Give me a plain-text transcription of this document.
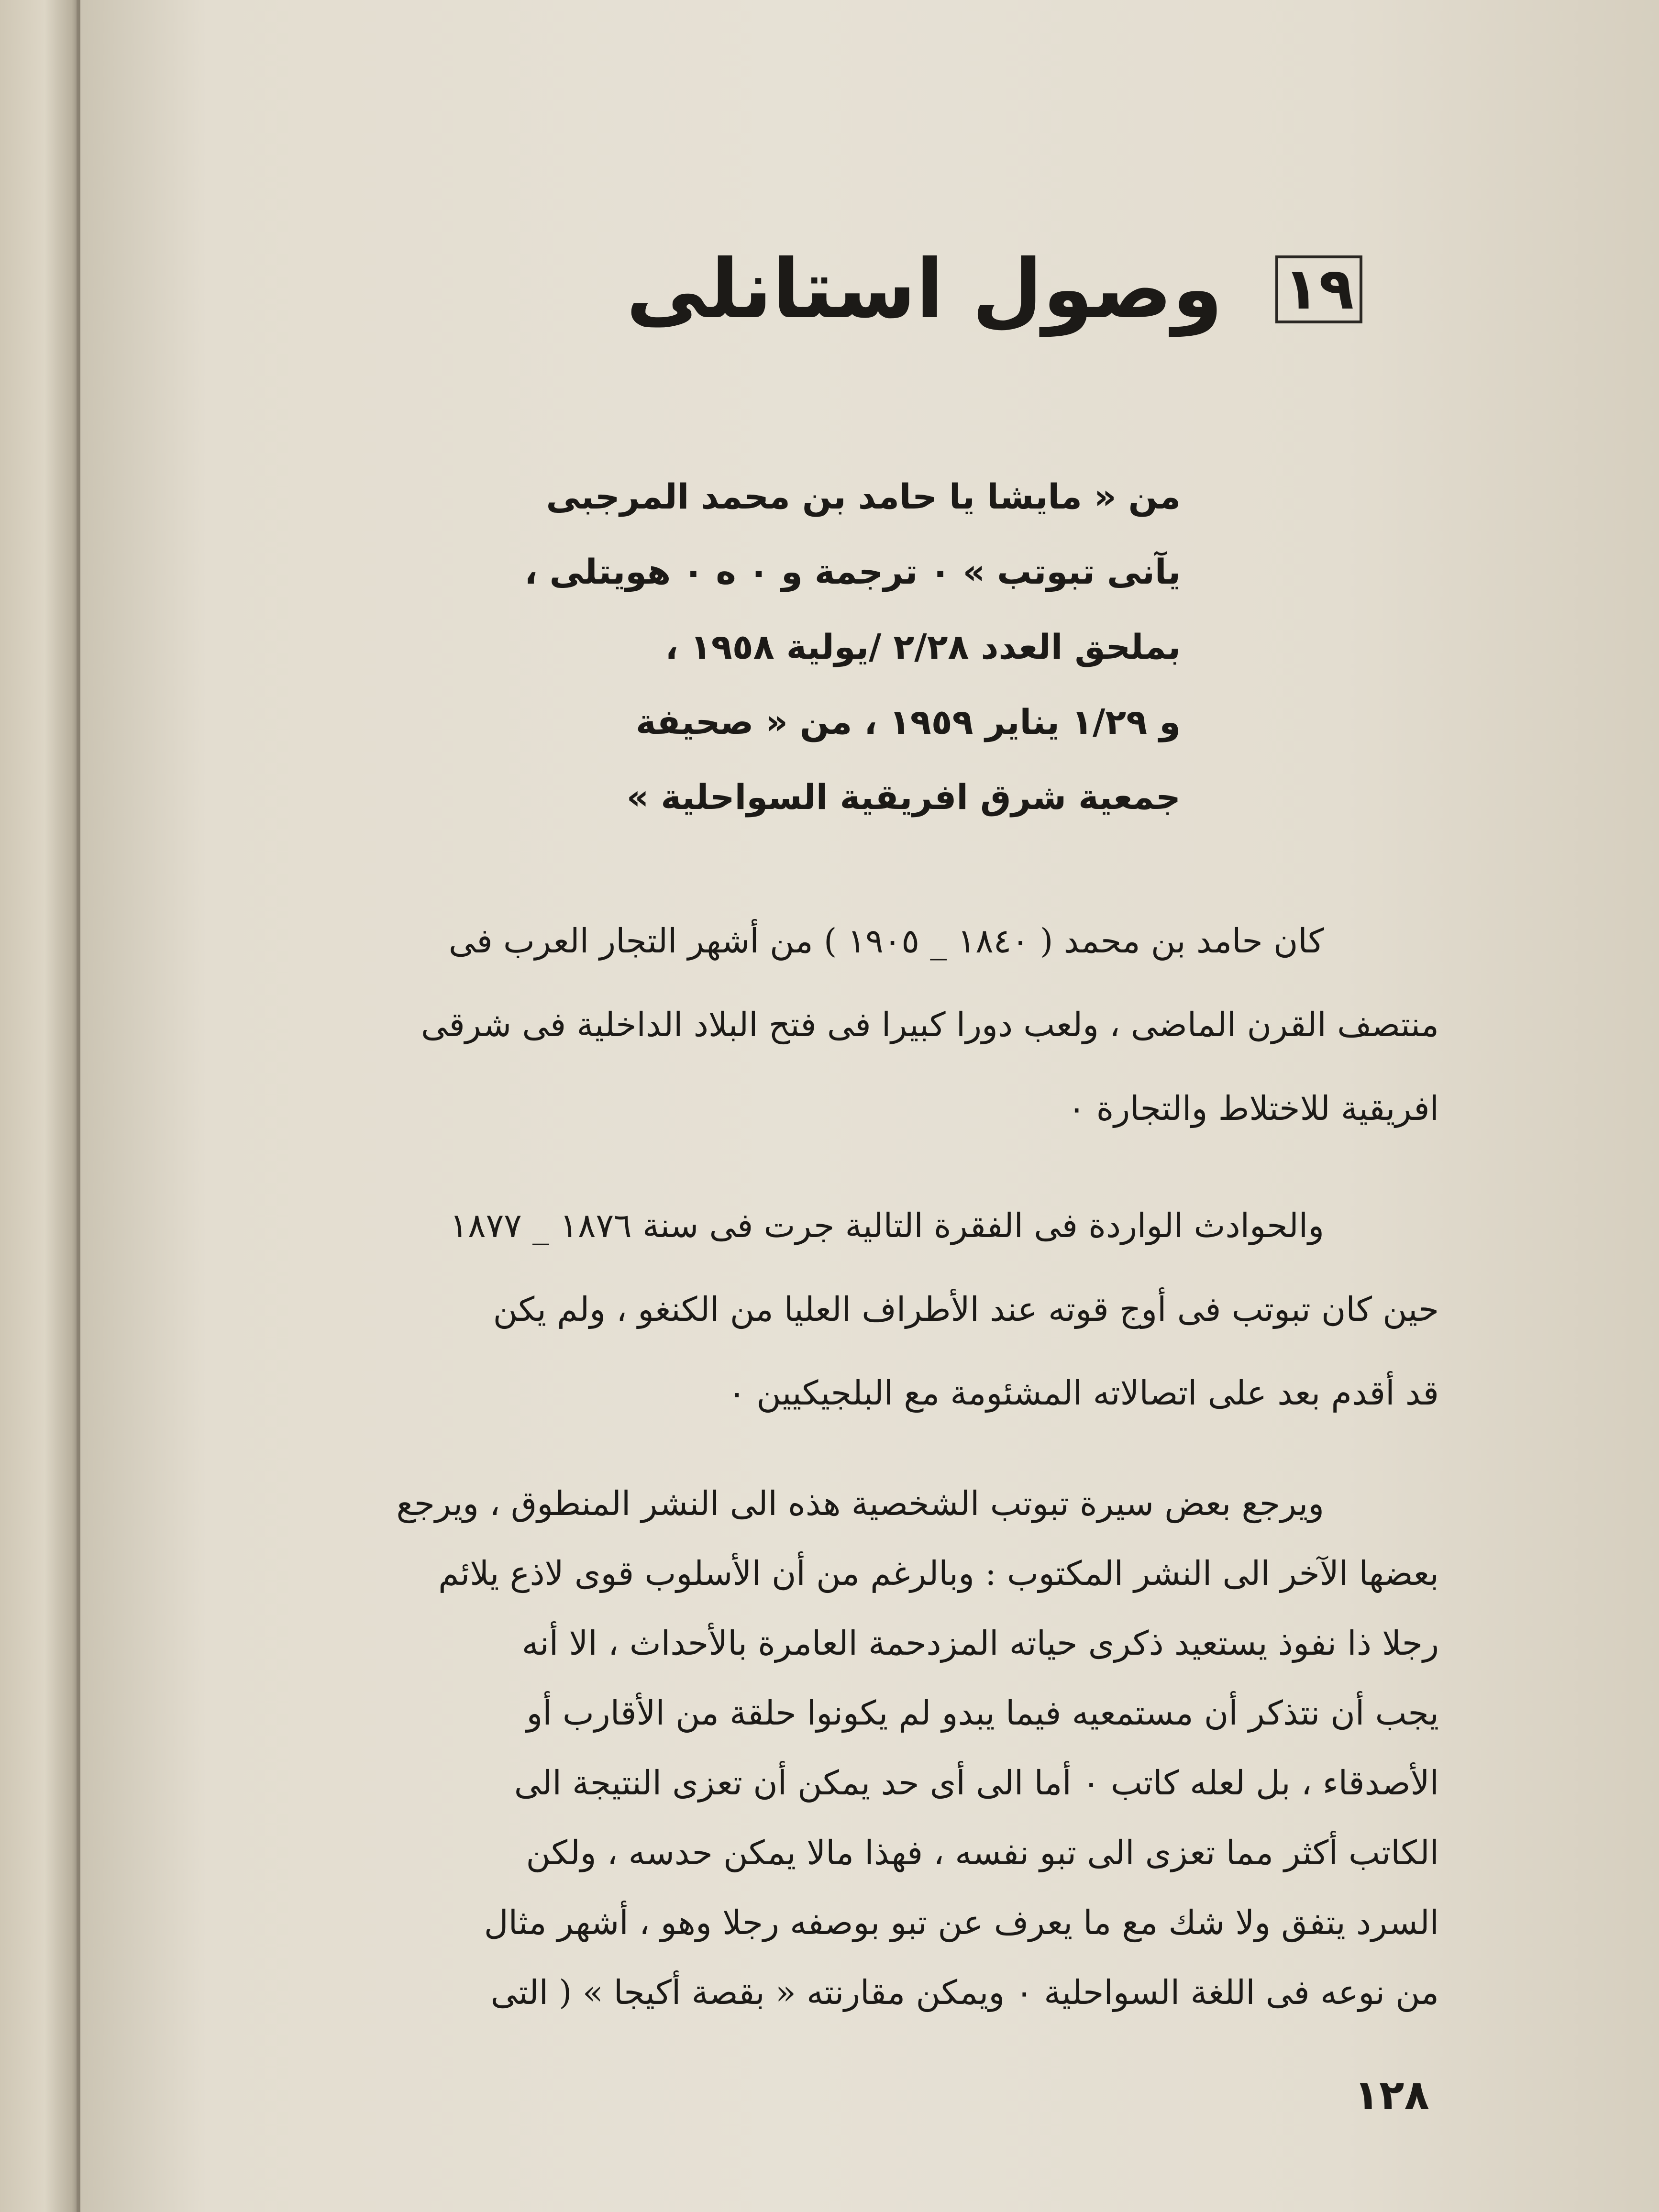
١٩
وصول استانلى
من « مايشا يا حامد بن محمد المرجبى
يآنى تبوتب » ٠ ترجمة و ٠ ه ٠ هويتلى ،
بملحق العدد ٢/٢٨ /يولية ١٩٥٨ ،
و ١/٢٩ يناير ١٩٥٩ ، من « صحيفة
جمعية شرق افريقية السواحلية »

كان حامد بن محمد ( ١٨٤٠ _ ١٩٠٥ ) من أشهر التجار العرب فى
منتصف القرن الماضى ، ولعب دورا كبيرا فى فتح البلاد الداخلية فى شرقى
افريقية للاختلاط والتجارة ٠

والحوادث الواردة فى الفقرة التالية جرت فى سنة ١٨٧٦ _ ١٨٧٧
حين كان تبوتب فى أوج قوته عند الأطراف العليا من الكنغو ، ولم يكن
قد أقدم بعد على اتصالاته المشئومة مع البلجيكيين ٠

ويرجع بعض سيرة تبوتب الشخصية هذه الى النشر المنطوق ، ويرجع
بعضها الآخر الى النشر المكتوب : وبالرغم من أن الأسلوب قوى لاذع يلائم
رجلا ذا نفوذ يستعيد ذكرى حياته المزدحمة العامرة بالأحداث ، الا أنه
يجب أن نتذكر أن مستمعيه فيما يبدو لم يكونوا حلقة من الأقارب أو
الأصدقاء ، بل لعله كاتب ٠ أما الى أى حد يمكن أن تعزى النتيجة الى
الكاتب أكثر مما تعزى الى تبو نفسه ، فهذا مالا يمكن حدسه ، ولكن
السرد يتفق ولا شك مع ما يعرف عن تبو بوصفه رجلا وهو ، أشهر مثال
من نوعه فى اللغة السواحلية ٠ ويمكن مقارنته « بقصة أكيجا » ( التى

١٢٨
